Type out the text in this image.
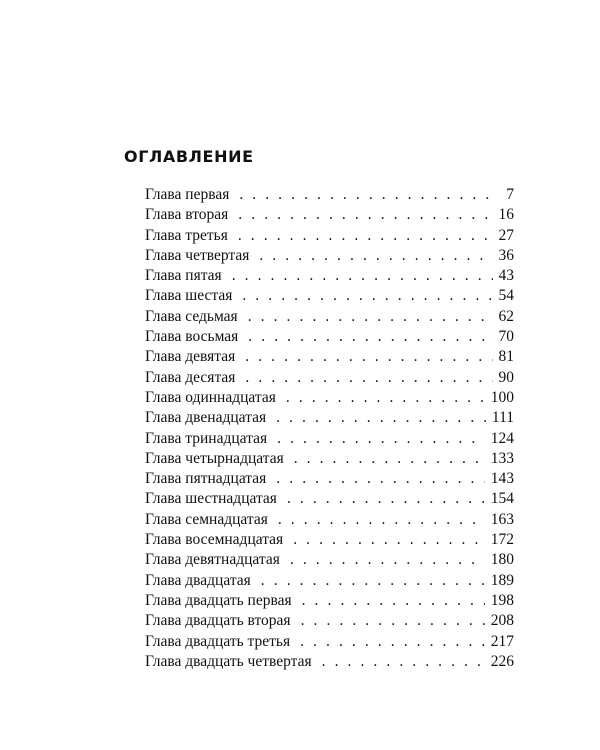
ОГЛАВЛЕНИЕ
Глава первая . . .	7
Глава вторая . . .	16
Глава третья . . .	27
Глава четвертая . . .	36
Глава пятая . . .	43
Глава шестая . . .	54
Глава седьмая . . .	62
Глава восьмая . . .	70
Глава девятая . . .	81
Глава десятая . . .	90
Глава одиннадцатая . . .	100
Глава двенадцатая . . .	111
Глава тринадцатая . . .	124
Глава четырнадцатая . . .	133
Глава пятнадцатая . . .	143
Глава шестнадцатая . . .	154
Глава семнадцатая . . .	163
Глава восемнадцатая . . .	172
Глава девятнадцатая . . .	180
Глава двадцатая . . .	189
Глава двадцать первая . . .	198
Глава двадцать вторая . . .	208
Глава двадцать третья . . .	217
Глава двадцать четвертая . . .	226
